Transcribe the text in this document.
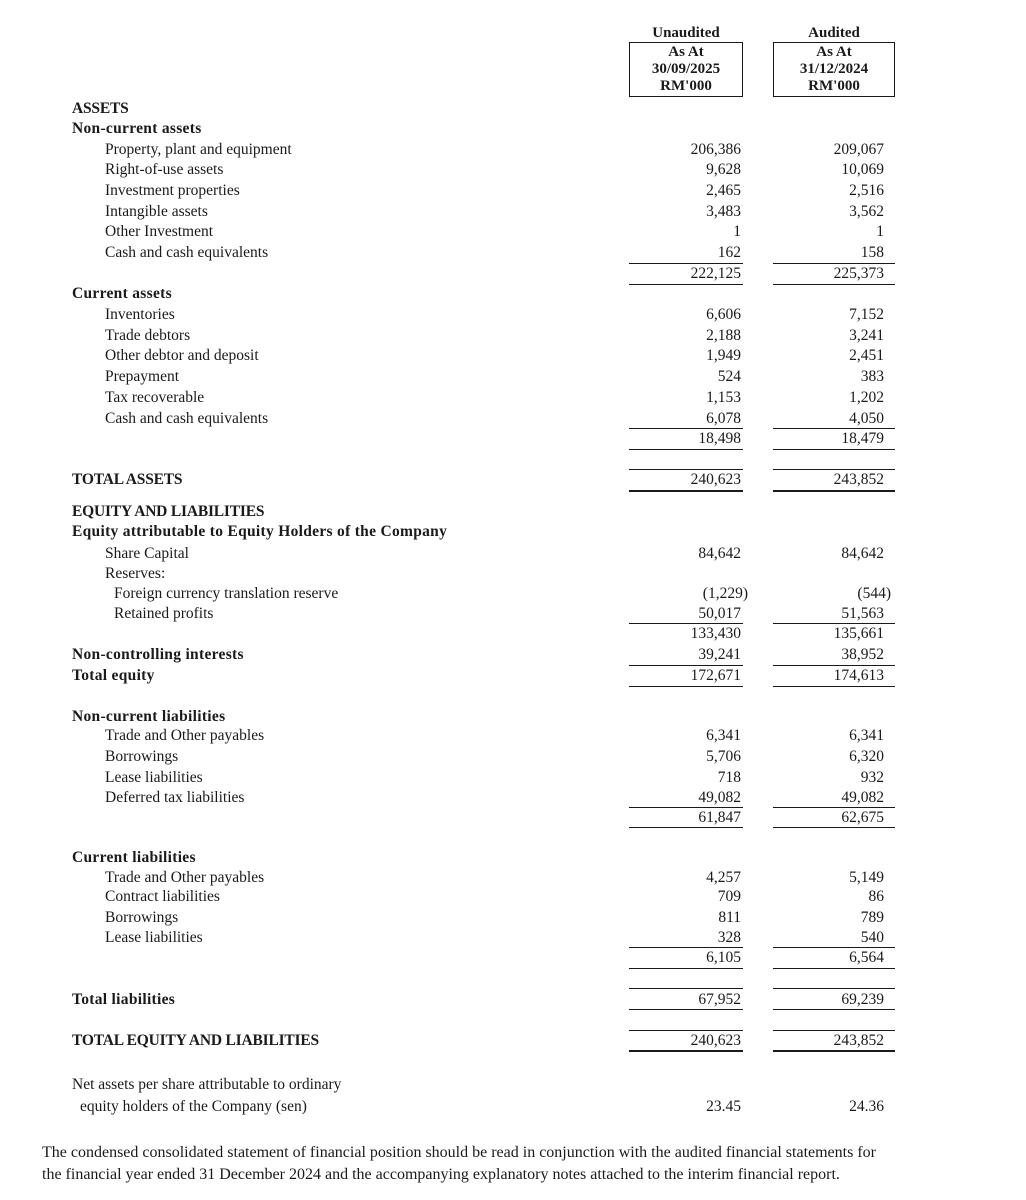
Unaudited
As At
30/09/2025
RM'000
Audited
As At
31/12/2024
RM'000
ASSETS
Non-current assets
Property, plant and equipment	206,386	209,067
Right-of-use assets	9,628	10,069
Investment properties	2,465	2,516
Intangible assets	3,483	3,562
Other Investment	1	1
Cash and cash equivalents	162	158
222,125	225,373
Current assets
Inventories	6,606	7,152
Trade debtors	2,188	3,241
Other debtor and deposit	1,949	2,451
Prepayment	524	383
Tax recoverable	1,153	1,202
Cash and cash equivalents	6,078	4,050
18,498	18,479
TOTAL ASSETS	240,623	243,852
EQUITY AND LIABILITIES
Equity attributable to Equity Holders of the Company
Share Capital	84,642	84,642
Reserves:
Foreign currency translation reserve	(1,229)	(544)
Retained profits	50,017	51,563
133,430	135,661
Non-controlling interests	39,241	38,952
Total equity	172,671	174,613
Non-current liabilities
Trade and Other payables	6,341	6,341
Borrowings	5,706	6,320
Lease liabilities	718	932
Deferred tax liabilities	49,082	49,082
61,847	62,675
Current liabilities
Trade and Other payables	4,257	5,149
Contract liabilities	709	86
Borrowings	811	789
Lease liabilities	328	540
6,105	6,564
Total liabilities	67,952	69,239
TOTAL EQUITY AND LIABILITIES	240,623	243,852
Net assets per share attributable to ordinary
equity holders of the Company (sen)	23.45	24.36
The condensed consolidated statement of financial position should be read in conjunction with the audited financial statements for
the financial year ended 31 December 2024 and the accompanying explanatory notes attached to the interim financial report.
